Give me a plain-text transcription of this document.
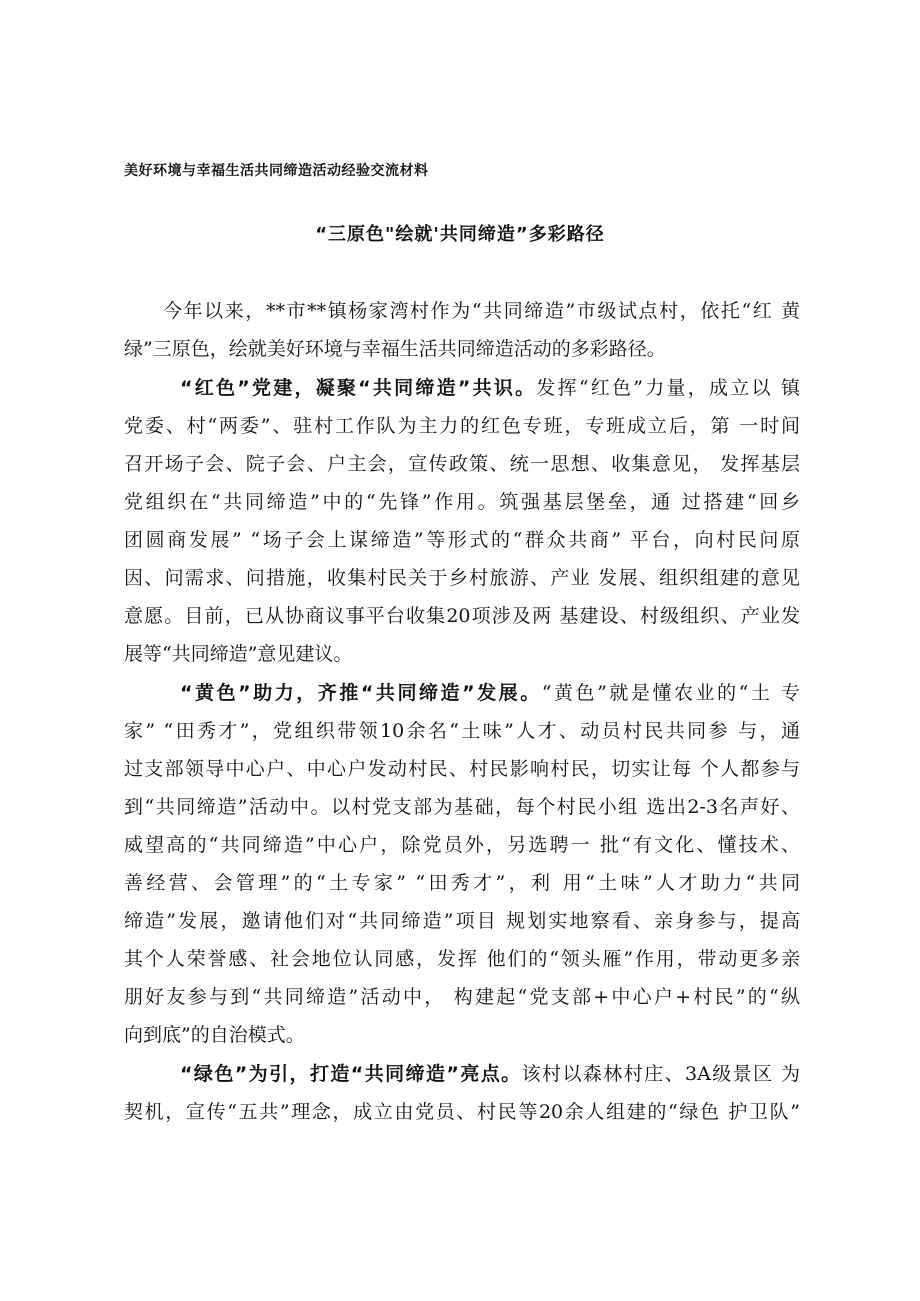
美好环境与幸福生活共同缔造活动经验交流材料
“三原色"绘就'共同缔造”多彩路径
今年以来，**市**镇杨家湾村作为“共同缔造”市级试点村，依托“红 黄
绿”三原色，绘就美好环境与幸福生活共同缔造活动的多彩路径。
“红色”党建，凝聚“共同缔造”共识。发挥“红色”力量，成立以 镇
党委、村“两委”、驻村工作队为主力的红色专班，专班成立后，第 一时间
召开场子会、院子会、户主会，宣传政策、统一思想、收集意见， 发挥基层
党组织在“共同缔造”中的“先锋”作用。筑强基层堡垒，通 过搭建“回乡
团圆商发展” “场子会上谋缔造”等形式的“群众共商” 平台，向村民问原
因、问需求、问措施，收集村民关于乡村旅游、产业 发展、组织组建的意见
意愿。目前，已从协商议事平台收集20项涉及两 基建设、村级组织、产业发
展等“共同缔造”意见建议。
“黄色”助力，齐推“共同缔造”发展。“黄色”就是懂农业的“土 专
家” “田秀才”，党组织带领10余名“土味”人才、动员村民共同参 与，通
过支部领导中心户、中心户发动村民、村民影响村民，切实让每 个人都参与
到“共同缔造”活动中。以村党支部为基础，每个村民小组 选出2-3名声好、
威望高的“共同缔造”中心户，除党员外，另选聘一 批“有文化、懂技术、
善经营、会管理”的“土专家” “田秀才”，利 用“土味”人才助力“共同
缔造”发展，邀请他们对“共同缔造”项目 规划实地察看、亲身参与，提高
其个人荣誉感、社会地位认同感，发挥 他们的“领头雁”作用，带动更多亲
朋好友参与到“共同缔造”活动中， 构建起“党支部+中心户+村民”的“纵
向到底”的自治模式。
“绿色”为引，打造“共同缔造”亮点。该村以森林村庄、3A级景区 为
契机，宣传“五共”理念，成立由党员、村民等20余人组建的“绿色 护卫队”
